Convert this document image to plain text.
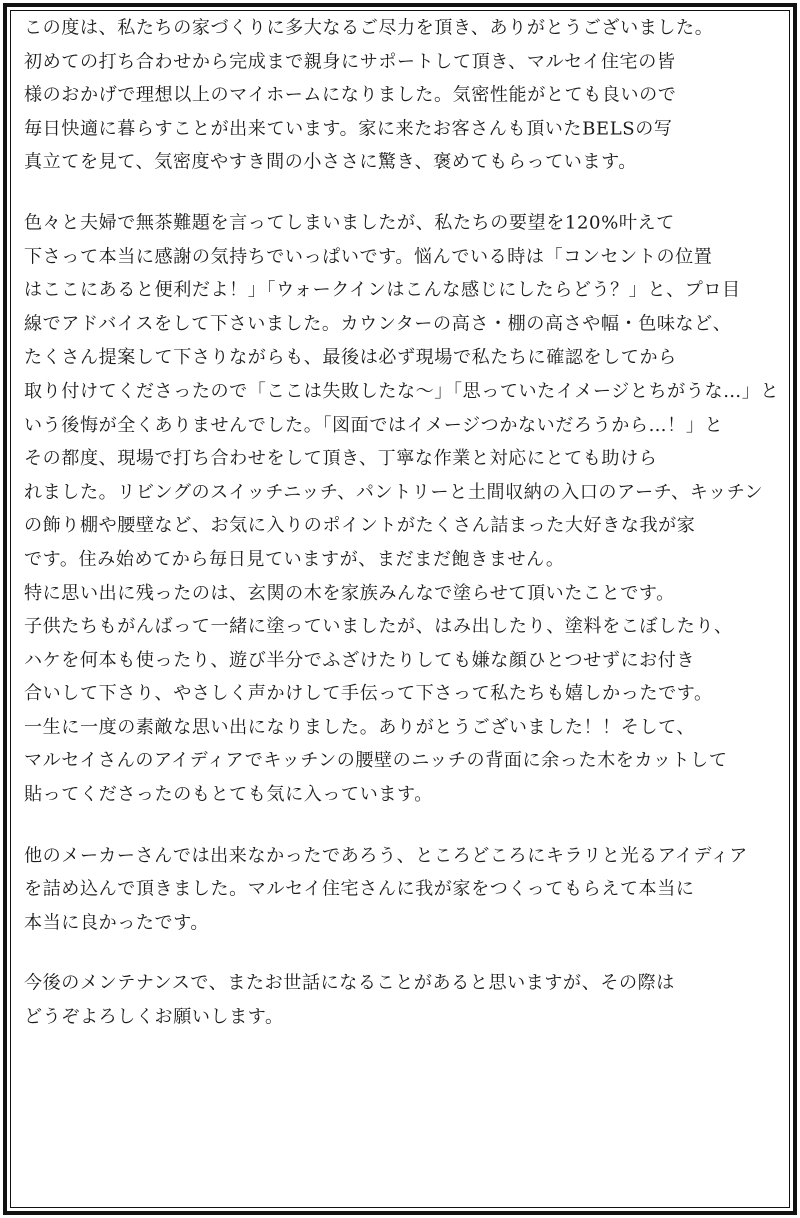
この度は、私たちの家づくりに多大なるご尽力を頂き、ありがとうございました。
初めての打ち合わせから完成まで親身にサポートして頂き、マルセイ住宅の皆
様のおかげで理想以上のマイホームになりました。気密性能がとても良いので
毎日快適に暮らすことが出来ています。家に来たお客さんも頂いたBELSの写
真立てを見て、気密度やすき間の小ささに驚き、褒めてもらっています。
色々と夫婦で無茶難題を言ってしまいましたが、私たちの要望を120%叶えて
下さって本当に感謝の気持ちでいっぱいです。悩んでいる時は「コンセントの位置
はここにあると便利だよ！」「ウォークインはこんな感じにしたらどう？」と、プロ目
線でアドバイスをして下さいました。カウンターの高さ・棚の高さや幅・色味など、
たくさん提案して下さりながらも、最後は必ず現場で私たちに確認をしてから
取り付けてくださったので「ここは失敗したな～」「思っていたイメージとちがうな…」と
いう後悔が全くありませんでした。「図面ではイメージつかないだろうから…！」と
その都度、現場で打ち合わせをして頂き、丁寧な作業と対応にとても助けら
れました。リビングのスイッチニッチ、パントリーと土間収納の入口のアーチ、キッチン
の飾り棚や腰壁など、お気に入りのポイントがたくさん詰まった大好きな我が家
です。住み始めてから毎日見ていますが、まだまだ飽きません。
特に思い出に残ったのは、玄関の木を家族みんなで塗らせて頂いたことです。
子供たちもがんばって一緒に塗っていましたが、はみ出したり、塗料をこぼしたり、
ハケを何本も使ったり、遊び半分でふざけたりしても嫌な顔ひとつせずにお付き
合いして下さり、やさしく声かけして手伝って下さって私たちも嬉しかったです。
一生に一度の素敵な思い出になりました。ありがとうございました！！そして、
マルセイさんのアイディアでキッチンの腰壁のニッチの背面に余った木をカットして
貼ってくださったのもとても気に入っています。
他のメーカーさんでは出来なかったであろう、ところどころにキラリと光るアイディア
を詰め込んで頂きました。マルセイ住宅さんに我が家をつくってもらえて本当に
本当に良かったです。
今後のメンテナンスで、またお世話になることがあると思いますが、その際は
どうぞよろしくお願いします。
